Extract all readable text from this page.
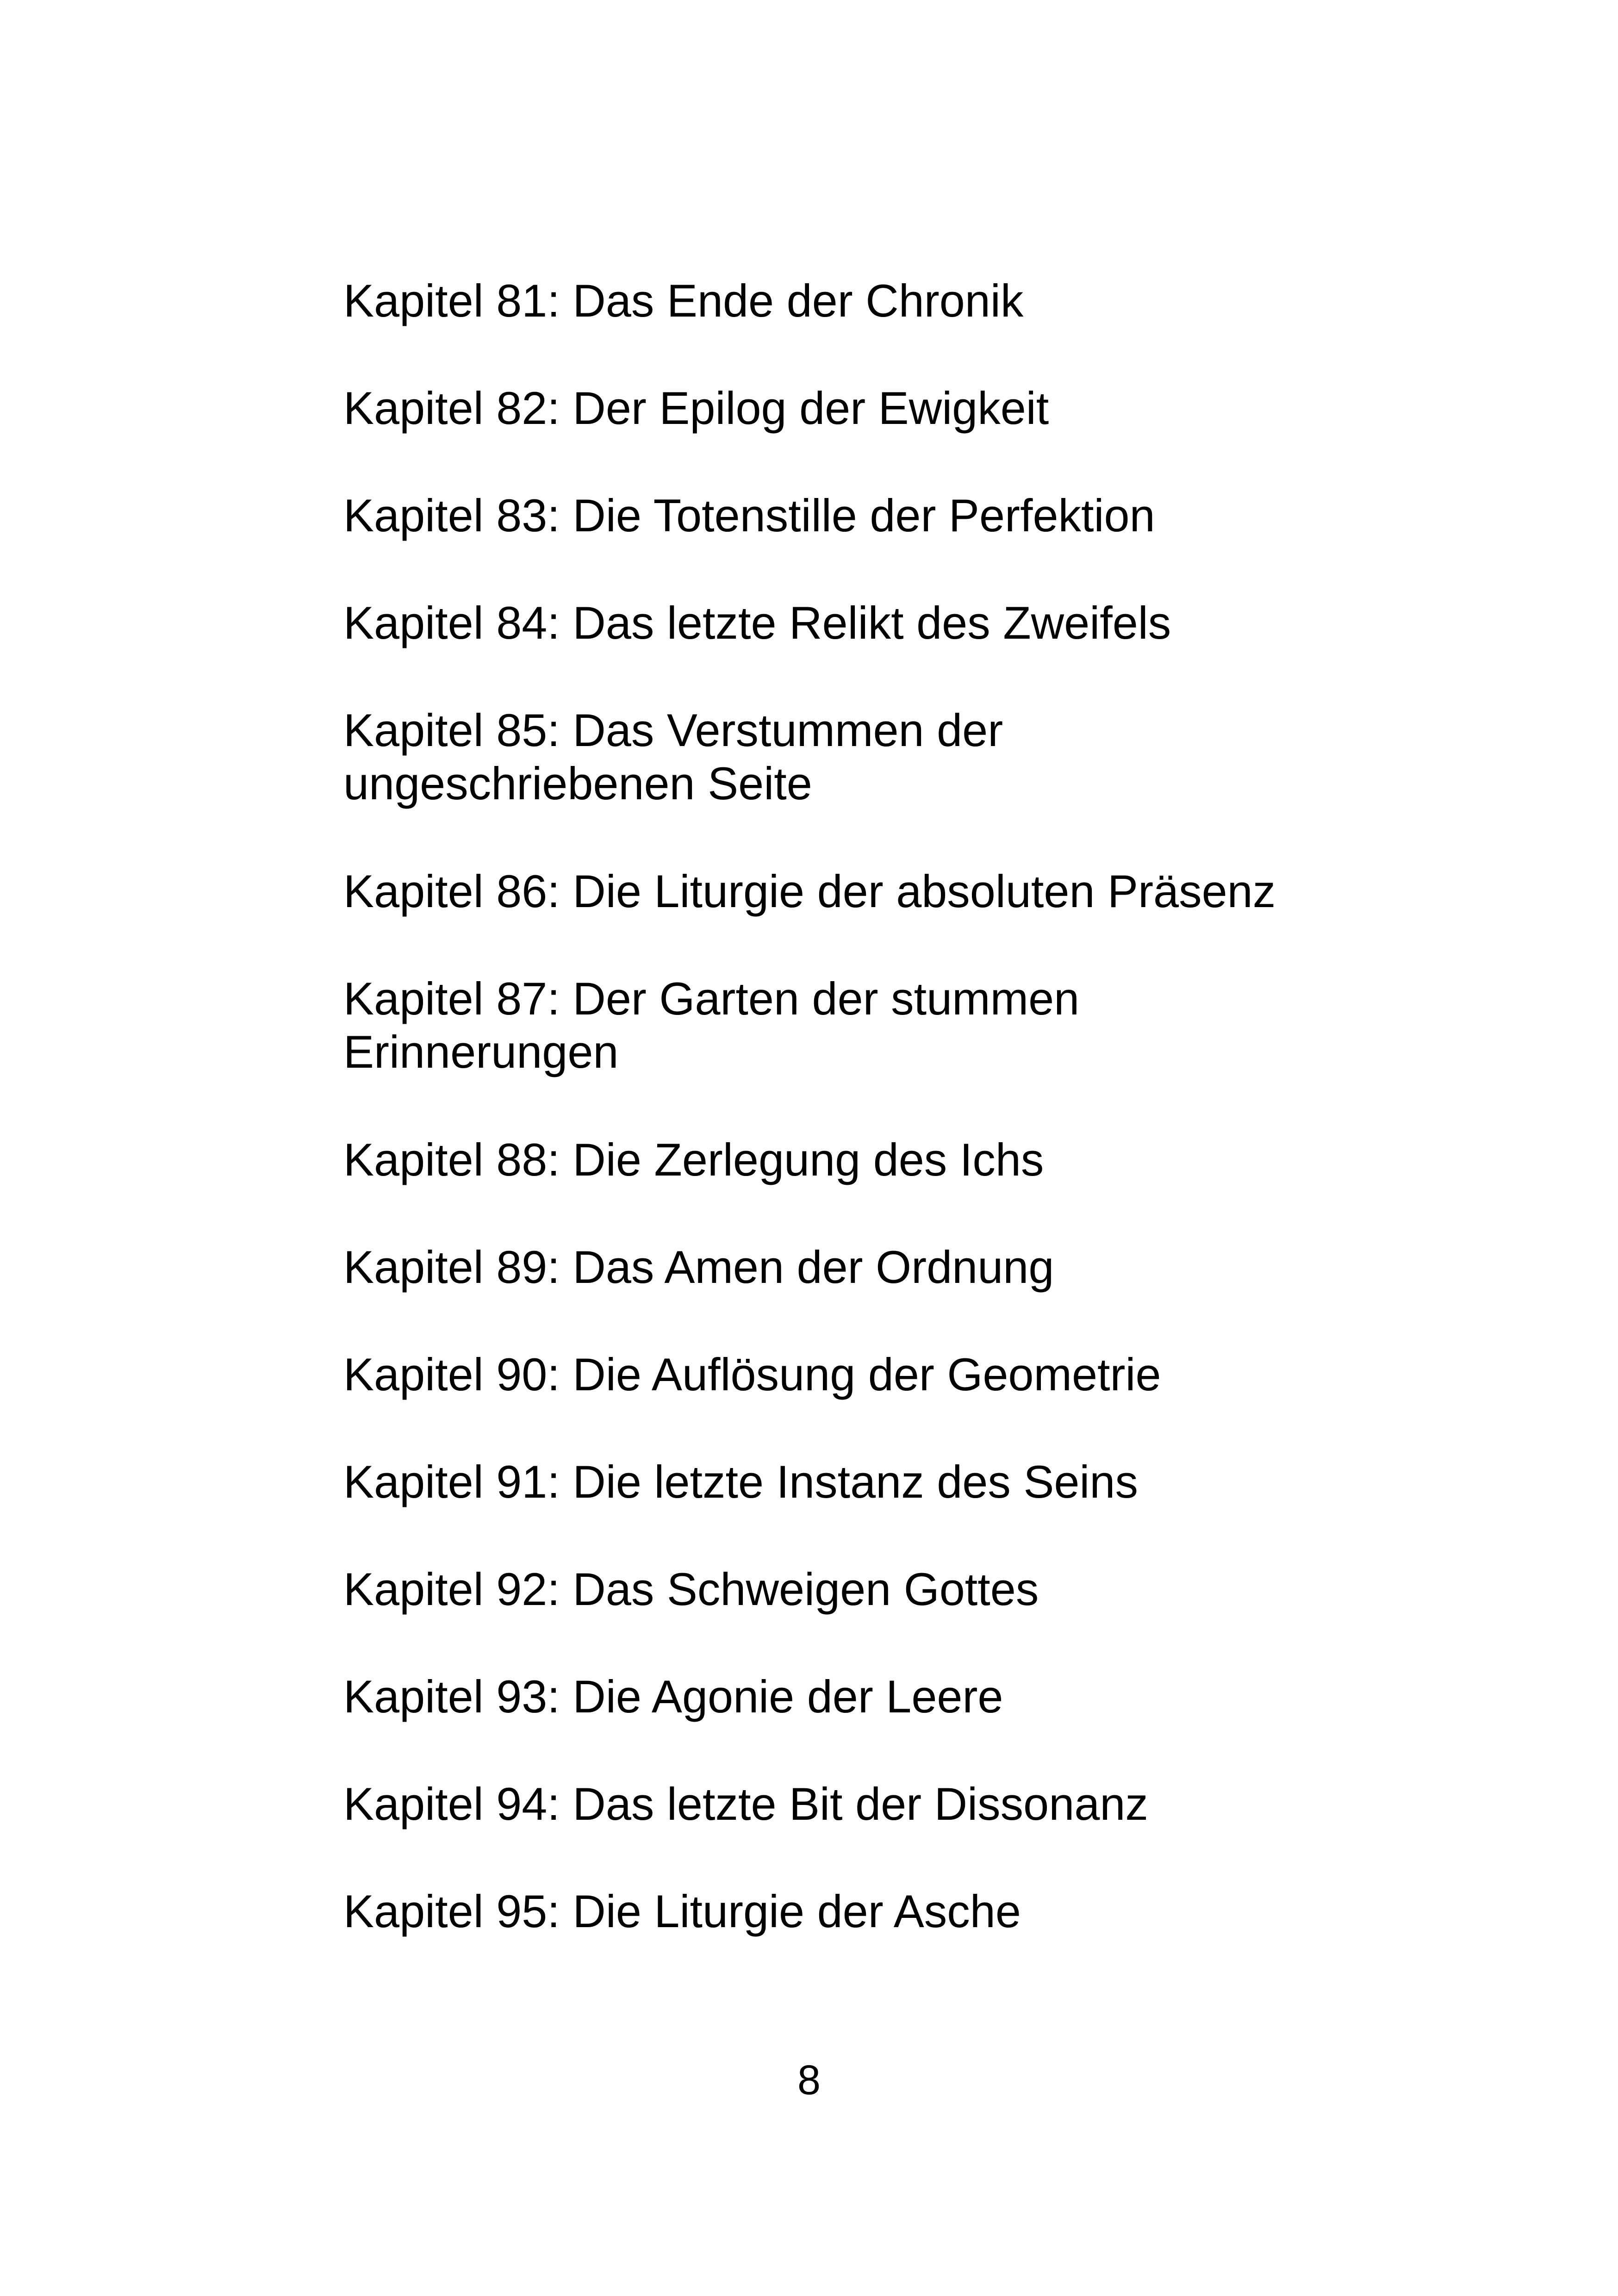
Kapitel 81: Das Ende der Chronik
Kapitel 82: Der Epilog der Ewigkeit
Kapitel 83: Die Totenstille der Perfektion
Kapitel 84: Das letzte Relikt des Zweifels
Kapitel 85: Das Verstummen der
ungeschriebenen Seite
Kapitel 86: Die Liturgie der absoluten Präsenz
Kapitel 87: Der Garten der stummen
Erinnerungen
Kapitel 88: Die Zerlegung des Ichs
Kapitel 89: Das Amen der Ordnung
Kapitel 90: Die Auflösung der Geometrie
Kapitel 91: Die letzte Instanz des Seins
Kapitel 92: Das Schweigen Gottes
Kapitel 93: Die Agonie der Leere
Kapitel 94: Das letzte Bit der Dissonanz
Kapitel 95: Die Liturgie der Asche
8
